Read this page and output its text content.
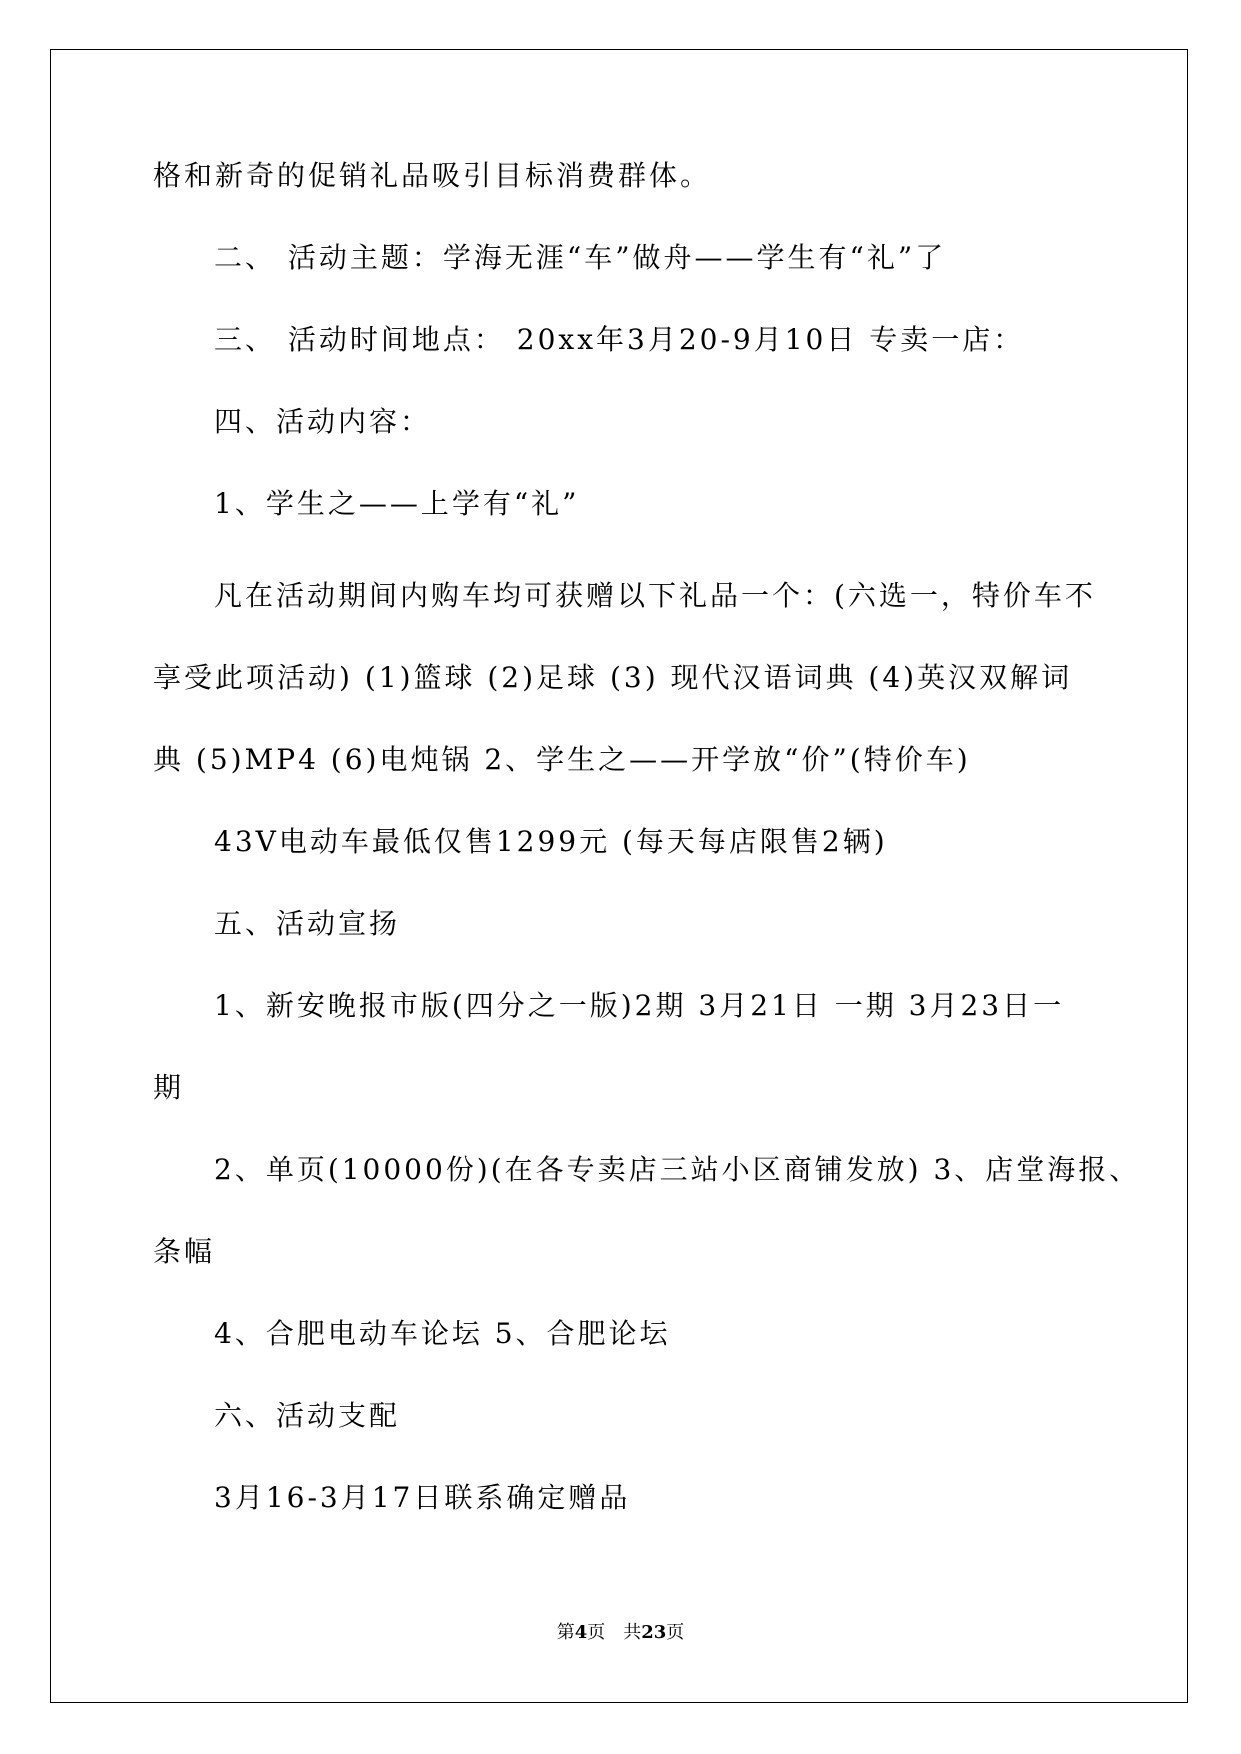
格和新奇的促销礼品吸引目标消费群体。
二、 活动主题：学海无涯“车”做舟——学生有“礼”了
三、 活动时间地点： 20xx年3月20-9月10日 专卖一店：
四、活动内容：
1、学生之——上学有“礼”
凡在活动期间内购车均可获赠以下礼品一个：(六选一，特价车不
享受此项活动) (1)篮球 (2)足球 (3) 现代汉语词典 (4)英汉双解词
典 (5)MP4 (6)电炖锅 2、学生之——开学放“价”(特价车)
43V电动车最低仅售1299元 (每天每店限售2辆)
五、活动宣扬
1、新安晚报市版(四分之一版)2期 3月21日 一期 3月23日一
期
2、单页(10000份)(在各专卖店三站小区商铺发放) 3、店堂海报、
条幅
4、合肥电动车论坛 5、合肥论坛
六、活动支配
3月16-3月17日联系确定赠品
第4页 共23页
